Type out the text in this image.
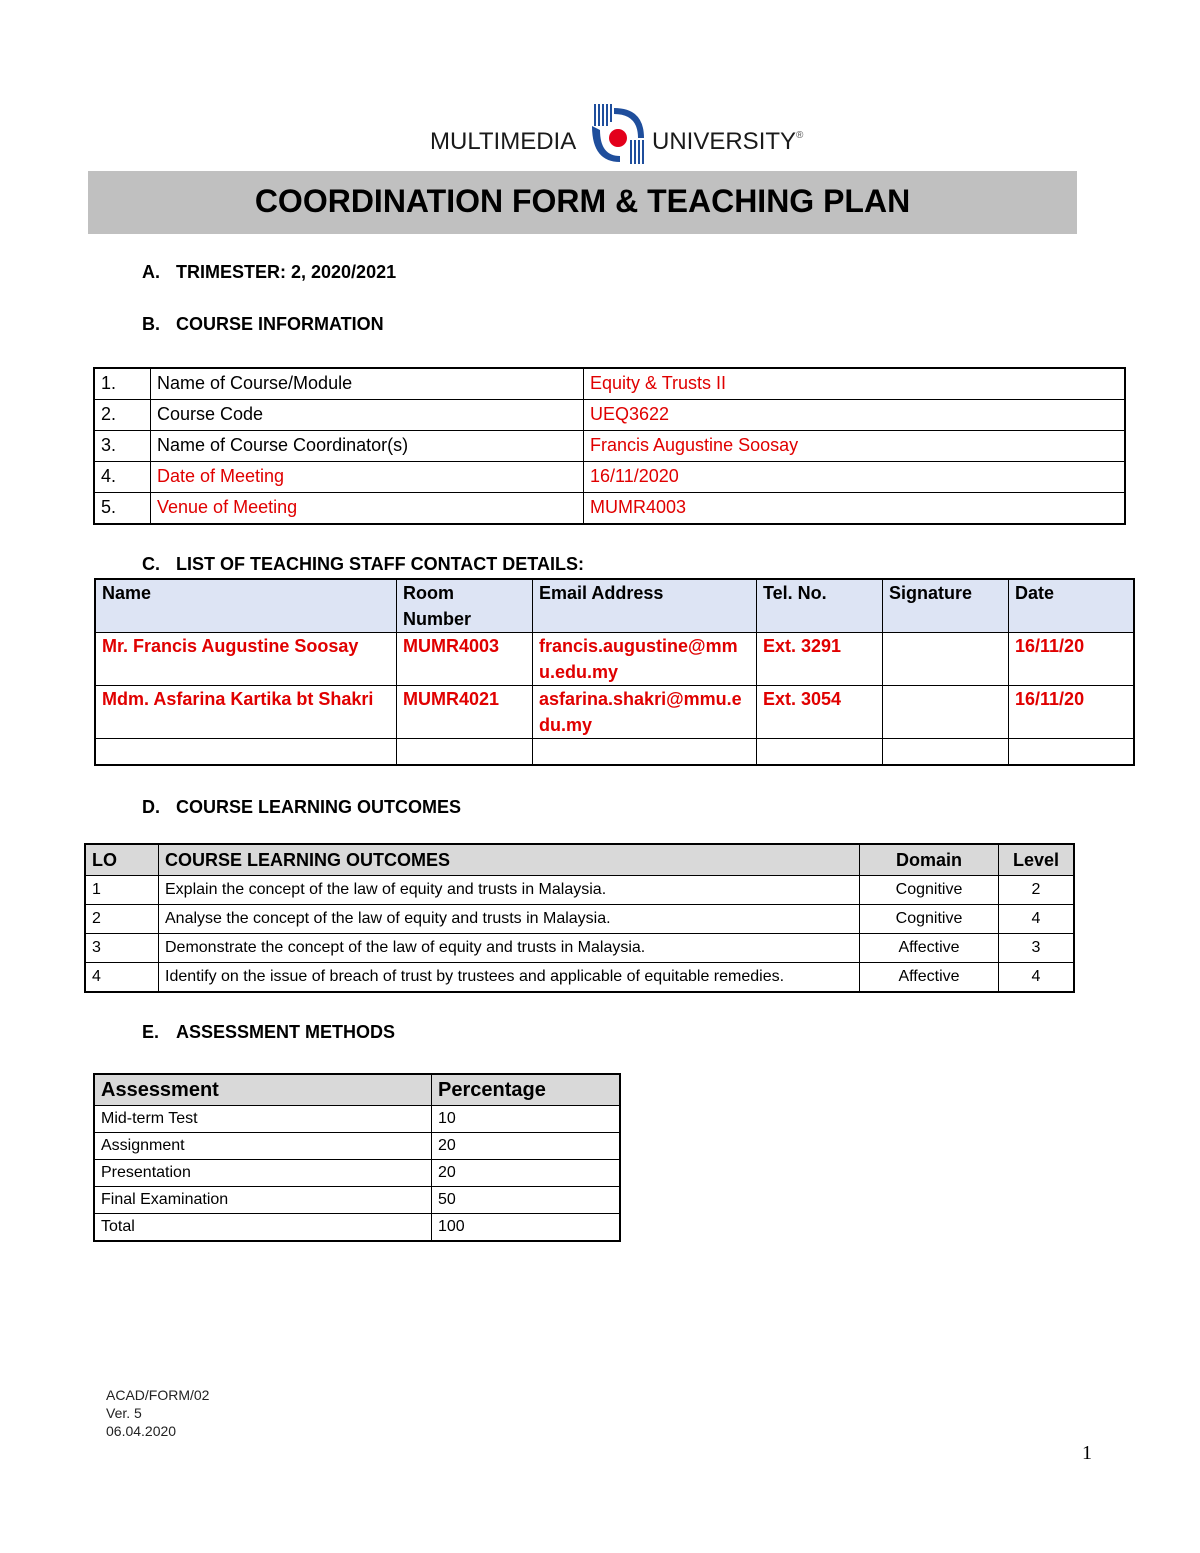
MULTIMEDIA	UNIVERSITY ®
COORDINATION FORM & TEACHING PLAN
A. TRIMESTER: 2, 2020/2021
B. COURSE INFORMATION
1.	Name of Course/Module	Equity & Trusts II
2.	Course Code	UEQ3622
3.	Name of Course Coordinator(s)	Francis Augustine Soosay
4.	Date of Meeting	16/11/2020
5.	Venue of Meeting	MUMR4003
C. LIST OF TEACHING STAFF CONTACT DETAILS:
Name	Room Number	Email Address	Tel. No.	Signature	Date
Mr. Francis Augustine Soosay	MUMR4003	francis.augustine@mmu.edu.my	Ext. 3291		16/11/20
Mdm. Asfarina Kartika bt Shakri	MUMR4021	asfarina.shakri@mmu.edu.my	Ext. 3054		16/11/20

D. COURSE LEARNING OUTCOMES
LO	COURSE LEARNING OUTCOMES	Domain	Level
1	Explain the concept of the law of equity and trusts in Malaysia.	Cognitive	2
2	Analyse the concept of the law of equity and trusts in Malaysia.	Cognitive	4
3	Demonstrate the concept of the law of equity and trusts in Malaysia.	Affective	3
4	Identify on the issue of breach of trust by trustees and applicable of equitable remedies.	Affective	4
E. ASSESSMENT METHODS
Assessment	Percentage
Mid-term Test	10
Assignment	20
Presentation	20
Final Examination	50
Total	100
ACAD/FORM/02
Ver. 5
06.04.2020
1
